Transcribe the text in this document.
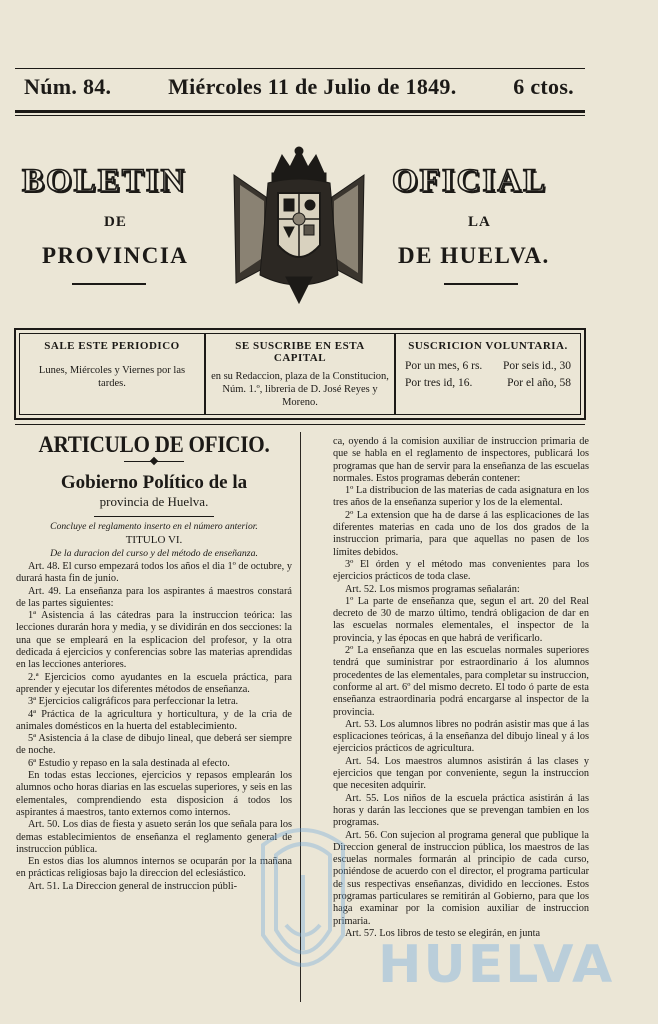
Núm. 84.	Miércoles 11 de Julio de 1849.	6 ctos.
BOLETIN	OFICIAL
DE	LA
PROVINCIA	DE HUELVA.
SALE ESTE PERIODICO
Lunes, Miércoles y Viernes por las tardes.
SE SUSCRIBE EN ESTA CAPITAL
en su Redaccion, plaza de la Constitucion, Núm. 1.º, libreria de D. José Reyes y Moreno.
SUSCRICION VOLUNTARIA.
Por un mes, 6 rs. Por seis id., 30
Por tres id, 16.	Por el año, 58
ARTICULO DE OFICIO.
Gobierno Político de la
provincia de Huelva.
Concluye el reglamento inserto en el número anterior.
TITULO VI.
De la duracion del curso y del método de enseñanza.

Art. 48. El curso empezará todos los años el dia 1º de octubre, y durará hasta fin de junio.

Art. 49. La enseñanza para los aspirantes á maestros constará de las partes siguientes:

1ª Asistencia á las cátedras para la instruccion teórica: las lecciones durarán hora y media, y se dividirán en dos secciones: la una que se empleará en la esplicacion del profesor, y la otra dedicada á ejercicios y conferencias sobre las materias aprendidas en las lecciones anteriores.

2.ª Ejercicios como ayudantes en la escuela práctica, para aprender y ejecutar los diferentes métodos de enseñanza.

3ª Ejercicios caligráficos para perfeccionar la letra.

4ª Práctica de la agricultura y horticultura, y de la cria de animales domésticos en la huerta del establecimiento.

5ª Asistencia á la clase de dibujo lineal, que deberá ser siempre de noche.

6ª Estudio y repaso en la sala destinada al efecto.

En todas estas lecciones, ejercicios y repasos emplearán los alumnos ocho horas diarias en las escuelas superiores, y seis en las elementales, comprendiendo esta disposicion á todos los aspirantes á maestros, tanto externos como internos.

Art. 50. Los dias de fiesta y asueto serán los que señala para los demas establecimientos de enseñanza el reglamento general de instruccion pública.

En estos dias los alumnos internos se ocuparán por la mañana en prácticas religiosas bajo la direccion del eclesiástico.

Art. 51. La Direccion general de instruccion públi-

ca, oyendo á la comision auxiliar de instruccion primaria de que se habla en el reglamento de inspectores, publicará los programas que han de servir para la enseñanza de las escuelas normales. Estos programas deberán contener:

1º La distribucion de las materias de cada asignatura en los tres años de la enseñanza superior y los de la elemental.

2º La extension que ha de darse á las esplicaciones de las diferentes materias en cada uno de los dos grados de la instruccion primaria, para que aquellas no pasen de los límites debidos.

3º El órden y el método mas convenientes para los ejercicios prácticos de toda clase.

Art. 52. Los mismos programas señalarán:

1º La parte de enseñanza que, segun el art. 20 del Real decreto de 30 de marzo último, tendrá obligacion de dar en las escuelas normales elementales, el inspector de la provincia, y las épocas en que habrá de verificarlo.

2º La enseñanza que en las escuelas normales superiores tendrá que suministrar por estraordinario á los alumnos procedentes de las elementales, para completar su instruccion, conforme al art. 6º del mismo decreto. El todo ó parte de esta enseñanza estraordinaria podrá encargarse al inspector de la provincia.

Art. 53. Los alumnos libres no podrán asistir mas que á las esplicaciones teóricas, á la enseñanza del dibujo lineal y á los ejercicios prácticos de agricultura.

Art. 54. Los maestros alumnos asistirán á las clases y ejercicios que tengan por conveniente, segun la instruccion que necesiten adquirir.

Art. 55. Los niños de la escuela práctica asistirán á las horas y darán las lecciones que se prevengan tambien en los programas.

Art. 56. Con sujecion al programa general que publique la Direccion general de instruccion pública, los maestros de las escuelas normales formarán al principio de cada curso, poniéndose de acuerdo con el director, el programa particular de sus respectivas enseñanzas, dividido en lecciones. Estos programas particulares se remitirán al Gobierno, para que los haga examinar por la comision auxiliar de instruccion primaria.

Art. 57. Los libros de testo se elegirán, en junta

HUELVA
